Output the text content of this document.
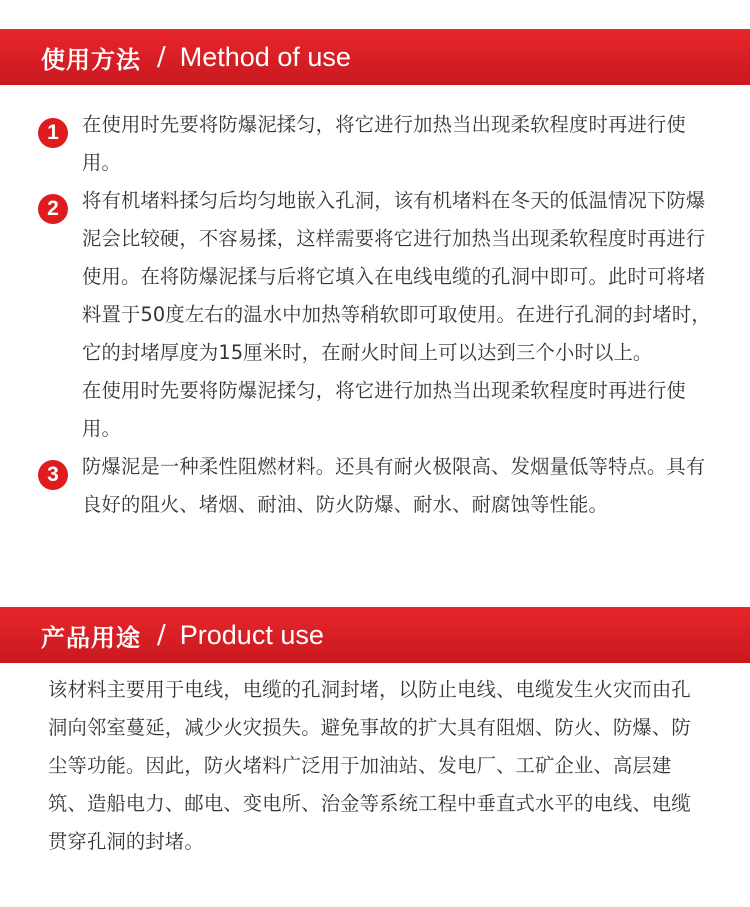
使用方法 / Method of use
1	在使用时先要将防爆泥揉匀，将它进行加热当出现柔软程度时再进行使用。

2	将有机堵料揉匀后均匀地嵌入孔洞，该有机堵料在冬天的低温情况下防爆泥会比较硬，不容易揉，这样需要将它进行加热当出现柔软程度时再进行使用。在将防爆泥揉与后将它填入在电线电缆的孔洞中即可。此时可将堵料置于50度左右的温水中加热等稍软即可取使用。在进行孔洞的封堵时，它的封堵厚度为15厘米时，在耐火时间上可以达到三个小时以上。

在使用时先要将防爆泥揉匀，将它进行加热当出现柔软程度时再进行使用。

3	防爆泥是一种柔性阻燃材料。还具有耐火极限高、发烟量低等特点。具有良好的阻火、堵烟、耐油、防火防爆、耐水、耐腐蚀等性能。

产品用途 / Product use

该材料主要用于电线，电缆的孔洞封堵，以防止电线、电缆发生火灾而由孔洞向邻室蔓延，减少火灾损失。避免事故的扩大具有阻烟、防火、防爆、防尘等功能。因此，防火堵料广泛用于加油站、发电厂、工矿企业、高层建筑、造船电力、邮电、变电所、治金等系统工程中垂直式水平的电线、电缆贯穿孔洞的封堵。
